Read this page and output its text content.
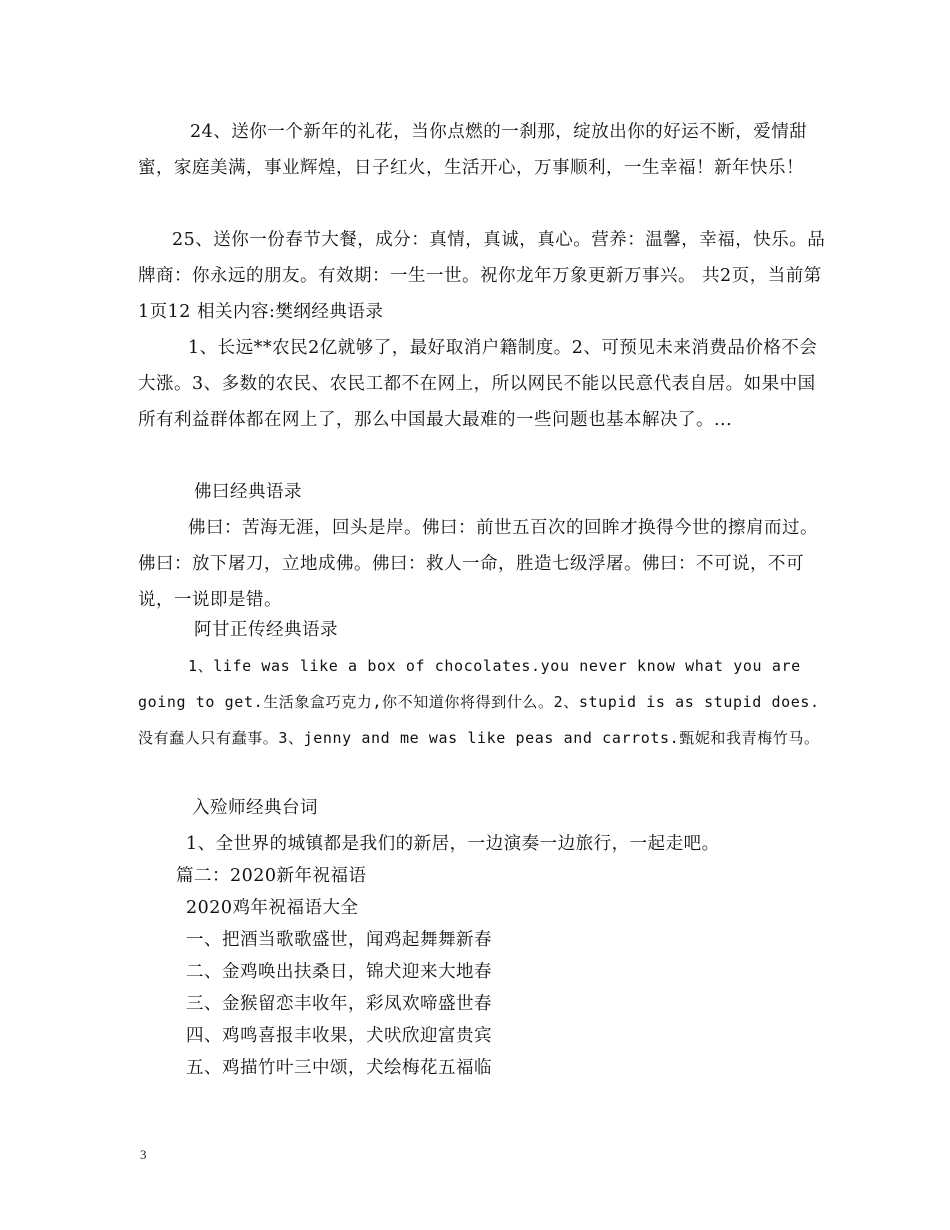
　24、送你一个新年的礼花，当你点燃的一刹那，绽放出你的好运不断，爱情甜蜜，家庭美满，事业辉煌，日子红火，生活开心，万事顺利，一生幸福！新年快乐！

25、送你一份春节大餐，成分：真情，真诚，真心。营养：温馨，幸福，快乐。品牌商：你永远的朋友。有效期：一生一世。祝你龙年万象更新万事兴。 共2页，当前第1页12 相关内容:樊纲经典语录

1、长远**农民2亿就够了，最好取消户籍制度。2、可预见未来消费品价格不会大涨。3、多数的农民、农民工都不在网上，所以网民不能以民意代表自居。如果中国所有利益群体都在网上了，那么中国最大最难的一些问题也基本解决了。...

佛曰经典语录

佛曰：苦海无涯，回头是岸。佛曰：前世五百次的回眸才换得今世的擦肩而过。佛曰：放下屠刀，立地成佛。佛曰：救人一命，胜造七级浮屠。佛曰：不可说，不可说，一说即是错。

阿甘正传经典语录

1、life was like a box of chocolates.you never know what you are going to get.生活象盒巧克力,你不知道你将得到什么。2、stupid is as stupid does.没有蠢人只有蠢事。3、jenny and me was like peas and carrots.甄妮和我青梅竹马。

入殓师经典台词
1、全世界的城镇都是我们的新居，一边演奏一边旅行，一起走吧。
篇二：2020新年祝福语
2020鸡年祝福语大全
一、把酒当歌歌盛世，闻鸡起舞舞新春
二、金鸡唤出扶桑日，锦犬迎来大地春
三、金猴留恋丰收年，彩凤欢啼盛世春
四、鸡鸣喜报丰收果，犬吠欣迎富贵宾
五、鸡描竹叶三中颂，犬绘梅花五福临
3
